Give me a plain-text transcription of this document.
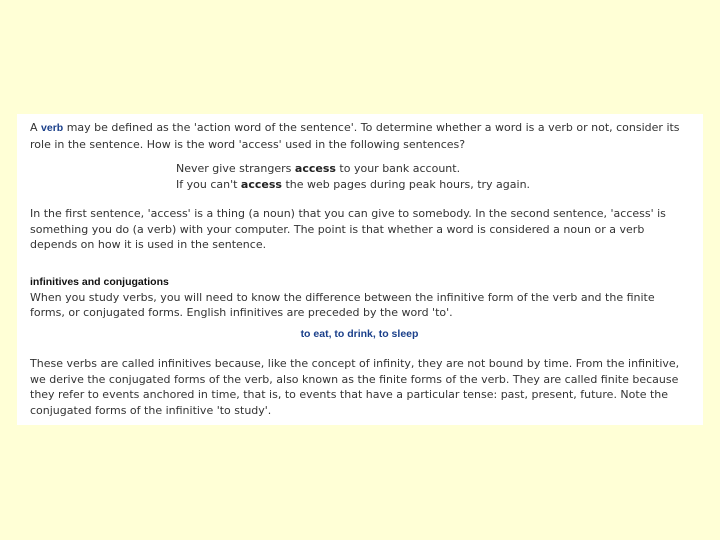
A verb may be defined as the 'action word of the sentence'. To determine whether a word is a verb or not, consider its role in the sentence. How is the word 'access' used in the following sentences?

Never give strangers access to your bank account.
If you can't access the web pages during peak hours, try again.

In the first sentence, 'access' is a thing (a noun) that you can give to somebody. In the second sentence, 'access' is something you do (a verb) with your computer. The point is that whether a word is considered a noun or a verb depends on how it is used in the sentence.

infinitives and conjugations

When you study verbs, you will need to know the difference between the infinitive form of the verb and the finite forms, or conjugated forms. English infinitives are preceded by the word 'to'.

to eat, to drink, to sleep

These verbs are called infinitives because, like the concept of infinity, they are not bound by time. From the infinitive, we derive the conjugated forms of the verb, also known as the finite forms of the verb. They are called finite because they refer to events anchored in time, that is, to events that have a particular tense: past, present, future. Note the conjugated forms of the infinitive 'to study'.
